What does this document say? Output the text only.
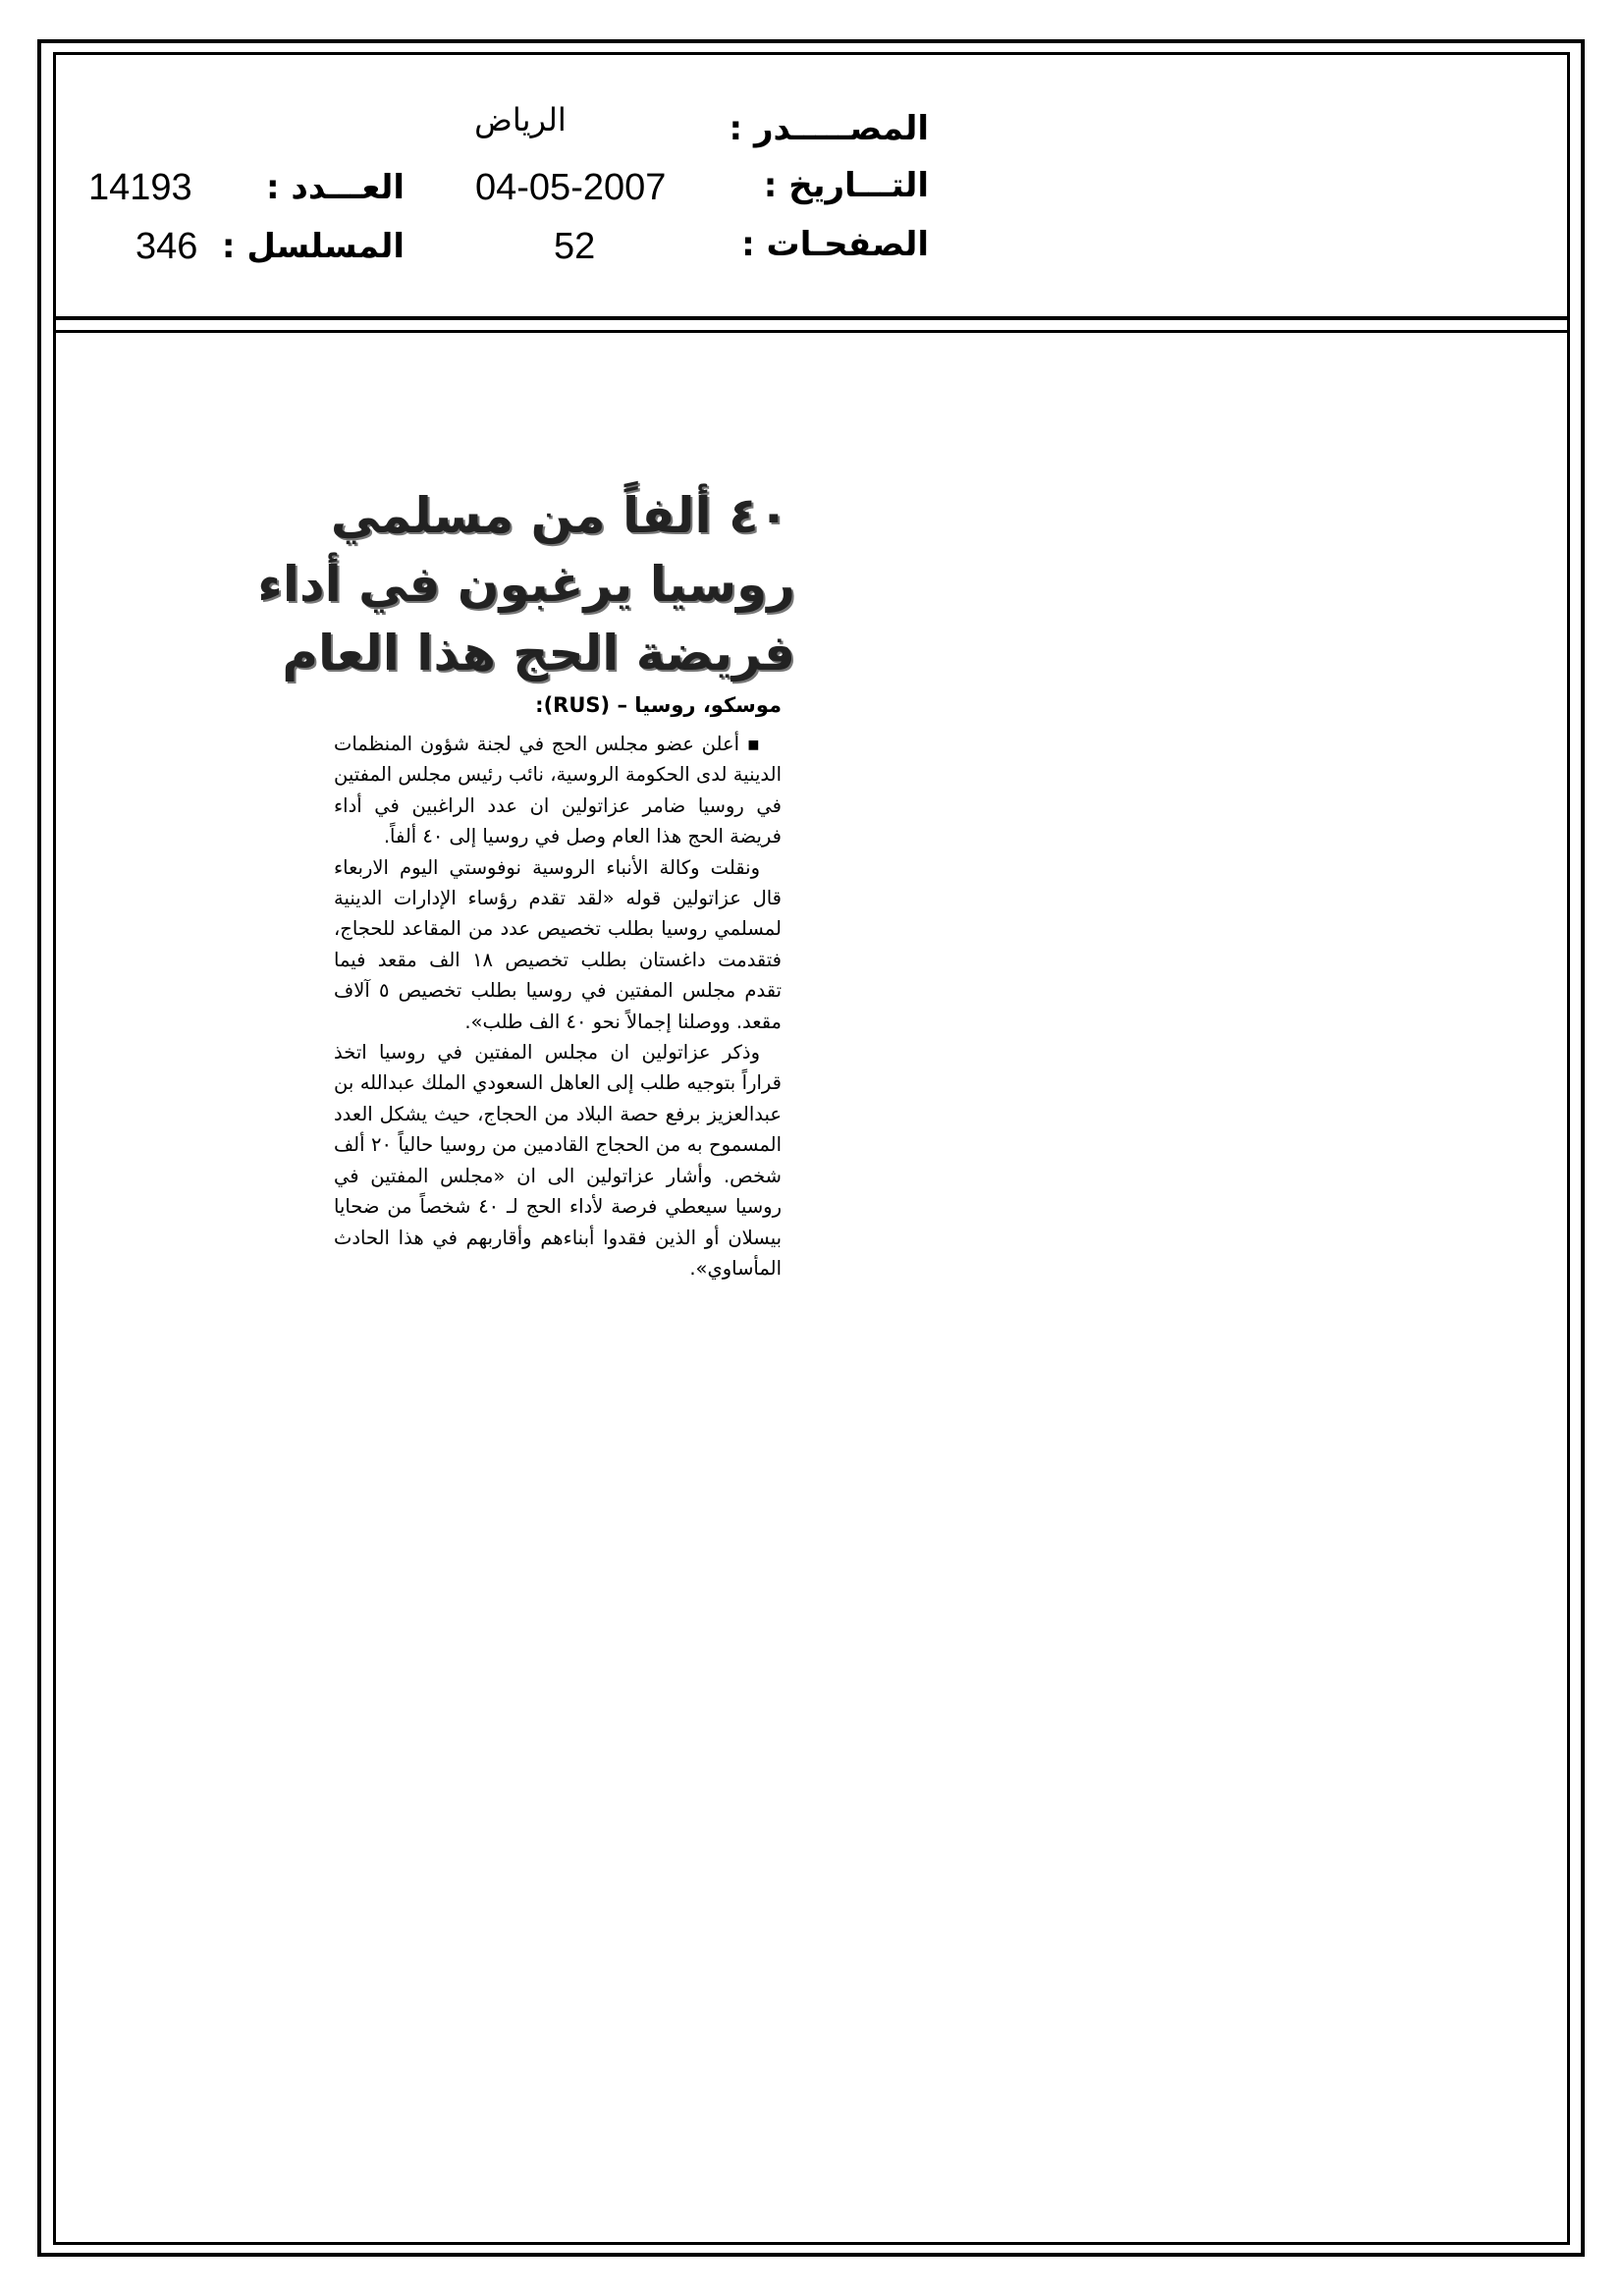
المصـــــدر :
الرياض
التـــاريخ :
04-05-2007
الصفحـات :
52
العـــدد :
14193
المسلسل :
346
٤٠ ألفاً من مسلمي
روسيا يرغبون في أداء
فريضة الحج هذا العام
موسكو، روسيا – (RUS):

▪ أعلن عضو مجلس الحج في لجنة شؤون المنظمات الدينية لدى الحكومة الروسية، نائب رئيس مجلس المفتين في روسيا ضامر عزاتولين ان عدد الراغبين في أداء فريضة الحج هذا العام وصل في روسيا إلى ٤٠ ألفاً.

ونقلت وكالة الأنباء الروسية نوفوستي اليوم الاربعاء قال عزاتولين قوله «لقد تقدم رؤساء الإدارات الدينية لمسلمي روسيا بطلب تخصيص عدد من المقاعد للحجاج، فتقدمت داغستان بطلب تخصيص ١٨ الف مقعد فيما تقدم مجلس المفتين في روسيا بطلب تخصيص ٥ آلاف مقعد. ووصلنا إجمالاً نحو ٤٠ الف طلب».

وذكر عزاتولين ان مجلس المفتين في روسيا اتخذ قراراً بتوجيه طلب إلى العاهل السعودي الملك عبدالله بن عبدالعزيز برفع حصة البلاد من الحجاج، حيث يشكل العدد المسموح به من الحجاج القادمين من روسيا حالياً ٢٠ ألف شخص. وأشار عزاتولين الى ان «مجلس المفتين في روسيا سيعطي فرصة لأداء الحج لـ ٤٠ شخصاً من ضحايا بيسلان أو الذين فقدوا أبناءهم وأقاربهم في هذا الحادث المأساوي».
